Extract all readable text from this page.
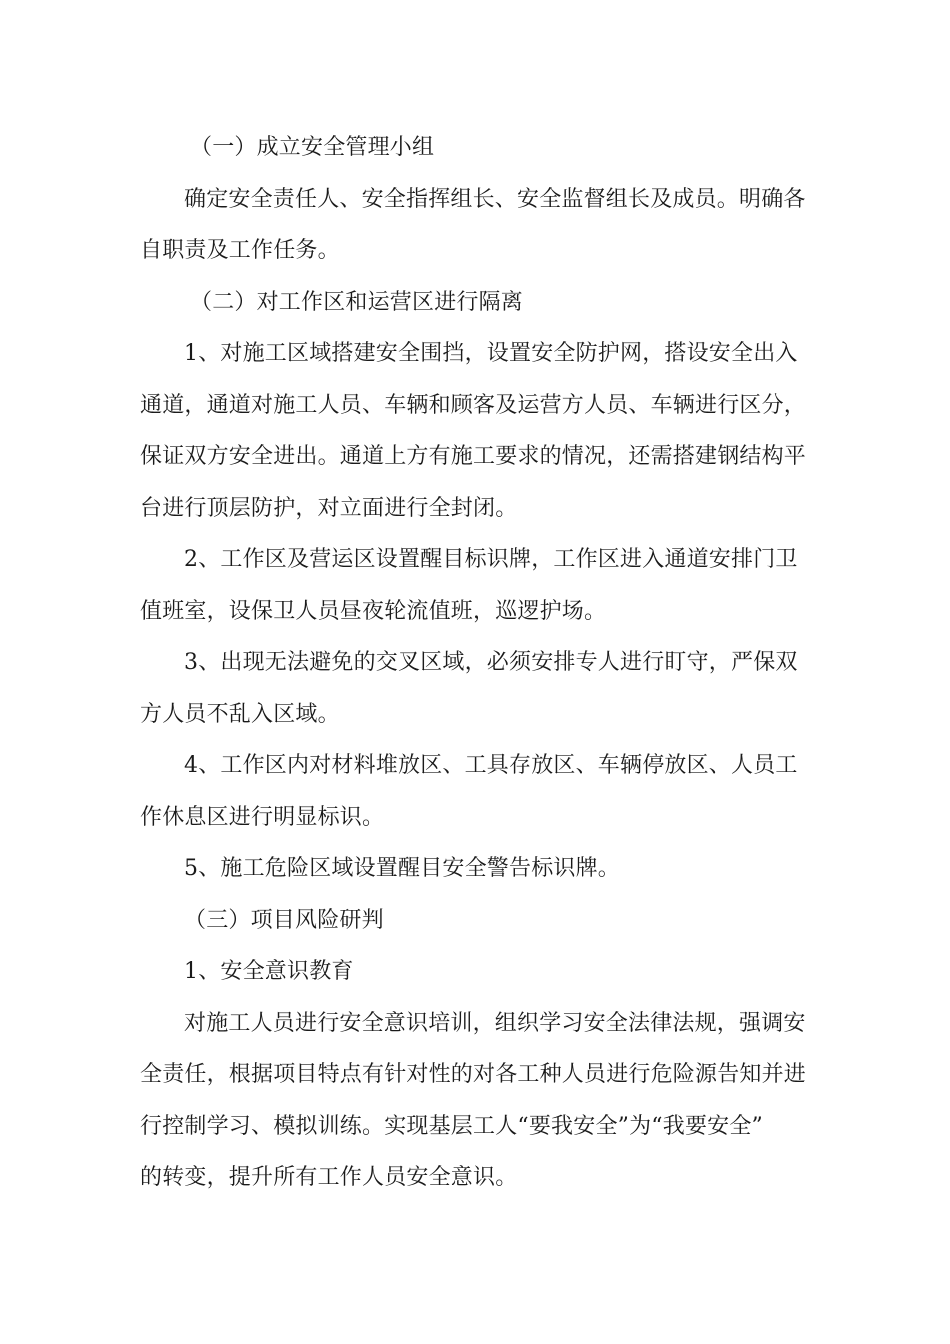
（一）成立安全管理小组
确定安全责任人、安全指挥组长、安全监督组长及成员。明确各
自职责及工作任务。
（二）对工作区和运营区进行隔离
1、对施工区域搭建安全围挡，设置安全防护网，搭设安全出入
通道，通道对施工人员、车辆和顾客及运营方人员、车辆进行区分，
保证双方安全进出。通道上方有施工要求的情况，还需搭建钢结构平
台进行顶层防护，对立面进行全封闭。
2、工作区及营运区设置醒目标识牌，工作区进入通道安排门卫
值班室，设保卫人员昼夜轮流值班，巡逻护场。
3、出现无法避免的交叉区域，必须安排专人进行盯守，严保双
方人员不乱入区域。
4、工作区内对材料堆放区、工具存放区、车辆停放区、人员工
作休息区进行明显标识。
5、施工危险区域设置醒目安全警告标识牌。
（三）项目风险研判
1、安全意识教育
对施工人员进行安全意识培训，组织学习安全法律法规，强调安
全责任，根据项目特点有针对性的对各工种人员进行危险源告知并进
行控制学习、模拟训练。实现基层工人“要我安全”为“我要安全”
的转变，提升所有工作人员安全意识。
